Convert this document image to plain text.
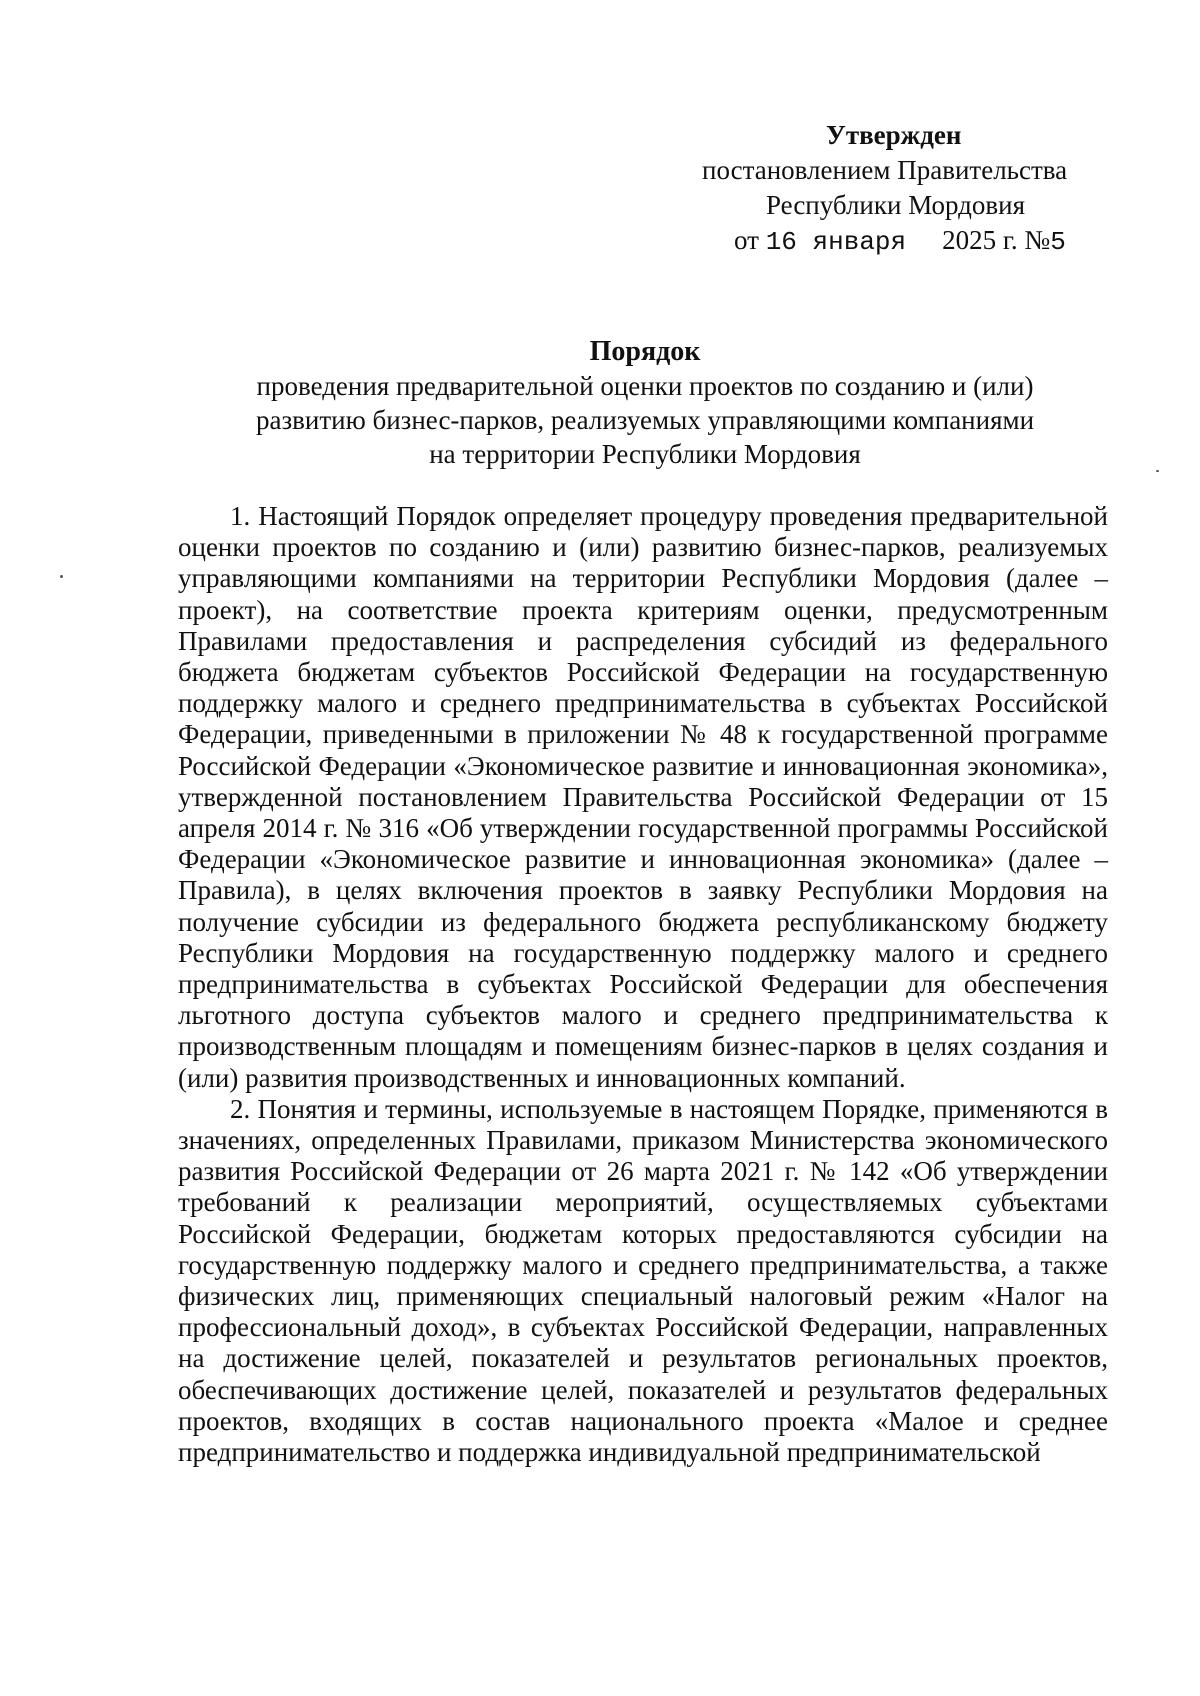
Утвержден
постановлением Правительства
Республики Мордовия
от 16 января 2025 г. №5
Порядок
проведения предварительной оценки проектов по созданию и (или)
развитию бизнес-парков, реализуемых управляющими компаниями
на территории Республики Мордовия

1. Настоящий Порядок определяет процедуру проведения предварительной оценки проектов по созданию и (или) развитию бизнес-парков, реализуемых управляющими компаниями на территории Республики Мордовия (далее – проект), на соответствие проекта критериям оценки, предусмотренным Правилами предоставления и распределения субсидий из федерального бюджета бюджетам субъектов Российской Федерации на государственную поддержку малого и среднего предпринимательства в субъектах Российской Федерации, приведенными в приложении № 48 к государственной программе Российской Федерации «Экономическое развитие и инновационная экономика», утвержденной постановлением Правительства Российской Федерации от 15 апреля 2014 г. № 316 «Об утверждении государственной программы Российской Федерации «Экономическое развитие и инновационная экономика» (далее – Правила), в целях включения проектов в заявку Республики Мордовия на получение субсидии из федерального бюджета республиканскому бюджету Республики Мордовия на государственную поддержку малого и среднего предпринимательства в субъектах Российской Федерации для обеспечения льготного доступа субъектов малого и среднего предпринимательства к производственным площадям и помещениям бизнес-парков в целях создания и (или) развития производственных и инновационных компаний.

2. Понятия и термины, используемые в настоящем Порядке, применяются в значениях, определенных Правилами, приказом Министерства экономического развития Российской Федерации от 26 марта 2021 г. № 142 «Об утверждении требований к реализации мероприятий, осуществляемых субъектами Российской Федерации, бюджетам которых предоставляются субсидии на государственную поддержку малого и среднего предпринимательства, а также физических лиц, применяющих специальный налоговый режим «Налог на профессиональный доход», в субъектах Российской Федерации, направленных на достижение целей, показателей и результатов региональных проектов, обеспечивающих достижение целей, показателей и результатов федеральных проектов, входящих в состав национального проекта «Малое и среднее предпринимательство и поддержка индивидуальной предпринимательской
